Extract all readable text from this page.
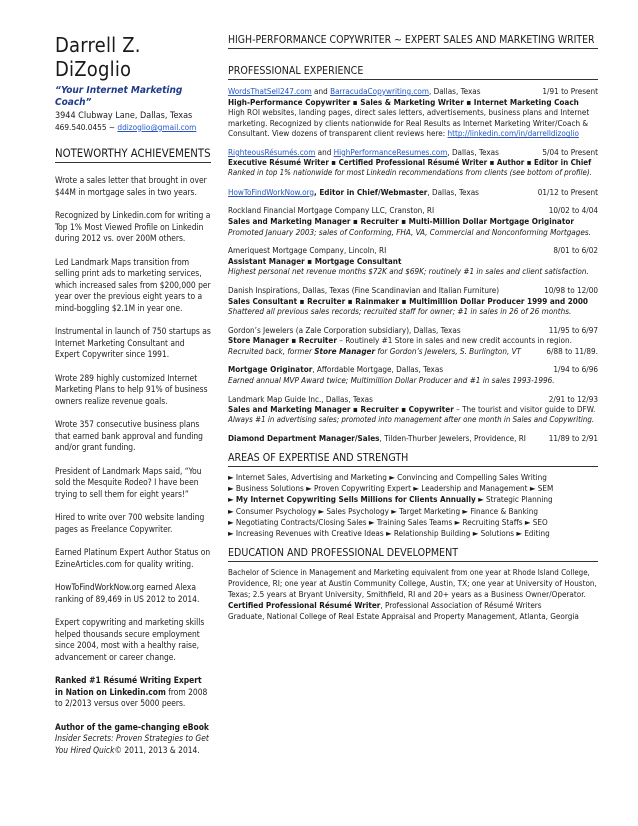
Darrell Z. DiZoglio
“Your Internet Marketing Coach”
3944 Clubway Lane, Dallas, Texas
469.540.0455 ~ ddizoglio@gmail.com
NOTEWORTHY ACHIEVEMENTS
Wrote a sales letter that brought in over $44M in mortgage sales in two years.
Recognized by Linkedin.com for writing a Top 1% Most Viewed Profile on Linkedin during 2012 vs. over 200M others.
Led Landmark Maps transition from selling print ads to marketing services, which increased sales from $200,000 per year over the previous eight years to a mind-boggling $2.1M in year one.
Instrumental in launch of 750 startups as Internet Marketing Consultant and Expert Copywriter since 1991.
Wrote 289 highly customized Internet Marketing Plans to help 91% of business owners realize revenue goals.
Wrote 357 consecutive business plans that earned bank approval and funding and/or grant funding.
President of Landmark Maps said, “You sold the Mesquite Rodeo? I have been trying to sell them for eight years!”
Hired to write over 700 website landing pages as Freelance Copywriter.
Earned Platinum Expert Author Status on EzineArticles.com for quality writing.
HowToFindWorkNow.org earned Alexa ranking of 89,469 in US 2012 to 2014.
Expert copywriting and marketing skills helped thousands secure employment since 2004, most with a healthy raise, advancement or career change.
Ranked #1 Résumé Writing Expert in Nation on Linkedin.com from 2008 to 2/2013 versus over 5000 peers.
Author of the game-changing eBook Insider Secrets: Proven Strategies to Get You Hired Quick© 2011, 2013 & 2014.
HIGH-PERFORMANCE COPYWRITER ~ EXPERT SALES AND MARKETING WRITER
PROFESSIONAL EXPERIENCE
WordsThatSell247.com and BarracudaCopywriting.com, Dallas, Texas	1/91 to Present
High-Performance Copywriter ▪ Sales & Marketing Writer ▪ Internet Marketing Coach
High ROI websites, landing pages, direct sales letters, advertisements, business plans and Internet
marketing. Recognized by clients nationwide for Real Results as Internet Marketing Writer/Coach &
Consultant. View dozens of transparent client reviews here: http://linkedin.com/in/darrelldizoglio
RighteousRésumés.com and HighPerformanceResumes.com, Dallas, Texas	5/04 to Present
Executive Résumé Writer ▪ Certified Professional Résumé Writer ▪ Author ▪ Editor in Chief
Ranked in top 1% nationwide for most Linkedin recommendations from clients (see bottom of profile).
HowToFindWorkNow.org, Editor in Chief/Webmaster, Dallas, Texas	01/12 to Present
Rockland Financial Mortgage Company LLC, Cranston, RI	10/02 to 4/04
Sales and Marketing Manager ▪ Recruiter ▪ Multi-Million Dollar Mortgage Originator
Promoted January 2003; sales of Conforming, FHA, VA, Commercial and Nonconforming Mortgages.
Ameriquest Mortgage Company, Lincoln, RI	8/01 to 6/02
Assistant Manager ▪ Mortgage Consultant
Highest personal net revenue months $72K and $69K; routinely #1 in sales and client satisfaction.
Danish Inspirations, Dallas, Texas (Fine Scandinavian and Italian Furniture)	10/98 to 12/00
Sales Consultant ▪ Recruiter ▪ Rainmaker ▪ Multimillion Dollar Producer 1999 and 2000
Shattered all previous sales records; recruited staff for owner; #1 in sales in 26 of 26 months.
Gordon’s Jewelers (a Zale Corporation subsidiary), Dallas, Texas	11/95 to 6/97
Store Manager ▪ Recruiter – Routinely #1 Store in sales and new credit accounts in region.
Recruited back, former Store Manager for Gordon’s Jewelers, S. Burlington, VT	6/88 to 11/89.
Mortgage Originator, Affordable Mortgage, Dallas, Texas	1/94 to 6/96
Earned annual MVP Award twice; Multimillion Dollar Producer and #1 in sales 1993-1996.
Landmark Map Guide Inc., Dallas, Texas	2/91 to 12/93
Sales and Marketing Manager ▪ Recruiter ▪ Copywriter – The tourist and visitor guide to DFW.
Always #1 in advertising sales; promoted into management after one month in Sales and Copywriting.
Diamond Department Manager/Sales, Tilden-Thurber Jewelers, Providence, RI	11/89 to 2/91
AREAS OF EXPERTISE AND STRENGTH
► Internet Sales, Advertising and Marketing ► Convincing and Compelling Sales Writing
► Business Solutions ► Proven Copywriting Expert ► Leadership and Management ► SEM
► My Internet Copywriting Sells Millions for Clients Annually ► Strategic Planning
► Consumer Psychology ► Sales Psychology ► Target Marketing ► Finance & Banking
► Negotiating Contracts/Closing Sales ► Training Sales Teams ► Recruiting Staffs ► SEO
► Increasing Revenues with Creative Ideas ► Relationship Building ► Solutions ► Editing
EDUCATION AND PROFESSIONAL DEVELOPMENT
Bachelor of Science in Management and Marketing equivalent from one year at Rhode Island College,
Providence, RI; one year at Austin Community College, Austin, TX; one year at University of Houston,
Texas; 2.5 years at Bryant University, Smithfield, RI and 20+ years as a Business Owner/Operator.
Certified Professional Résumé Writer, Professional Association of Résumé Writers
Graduate, National College of Real Estate Appraisal and Property Management, Atlanta, Georgia
